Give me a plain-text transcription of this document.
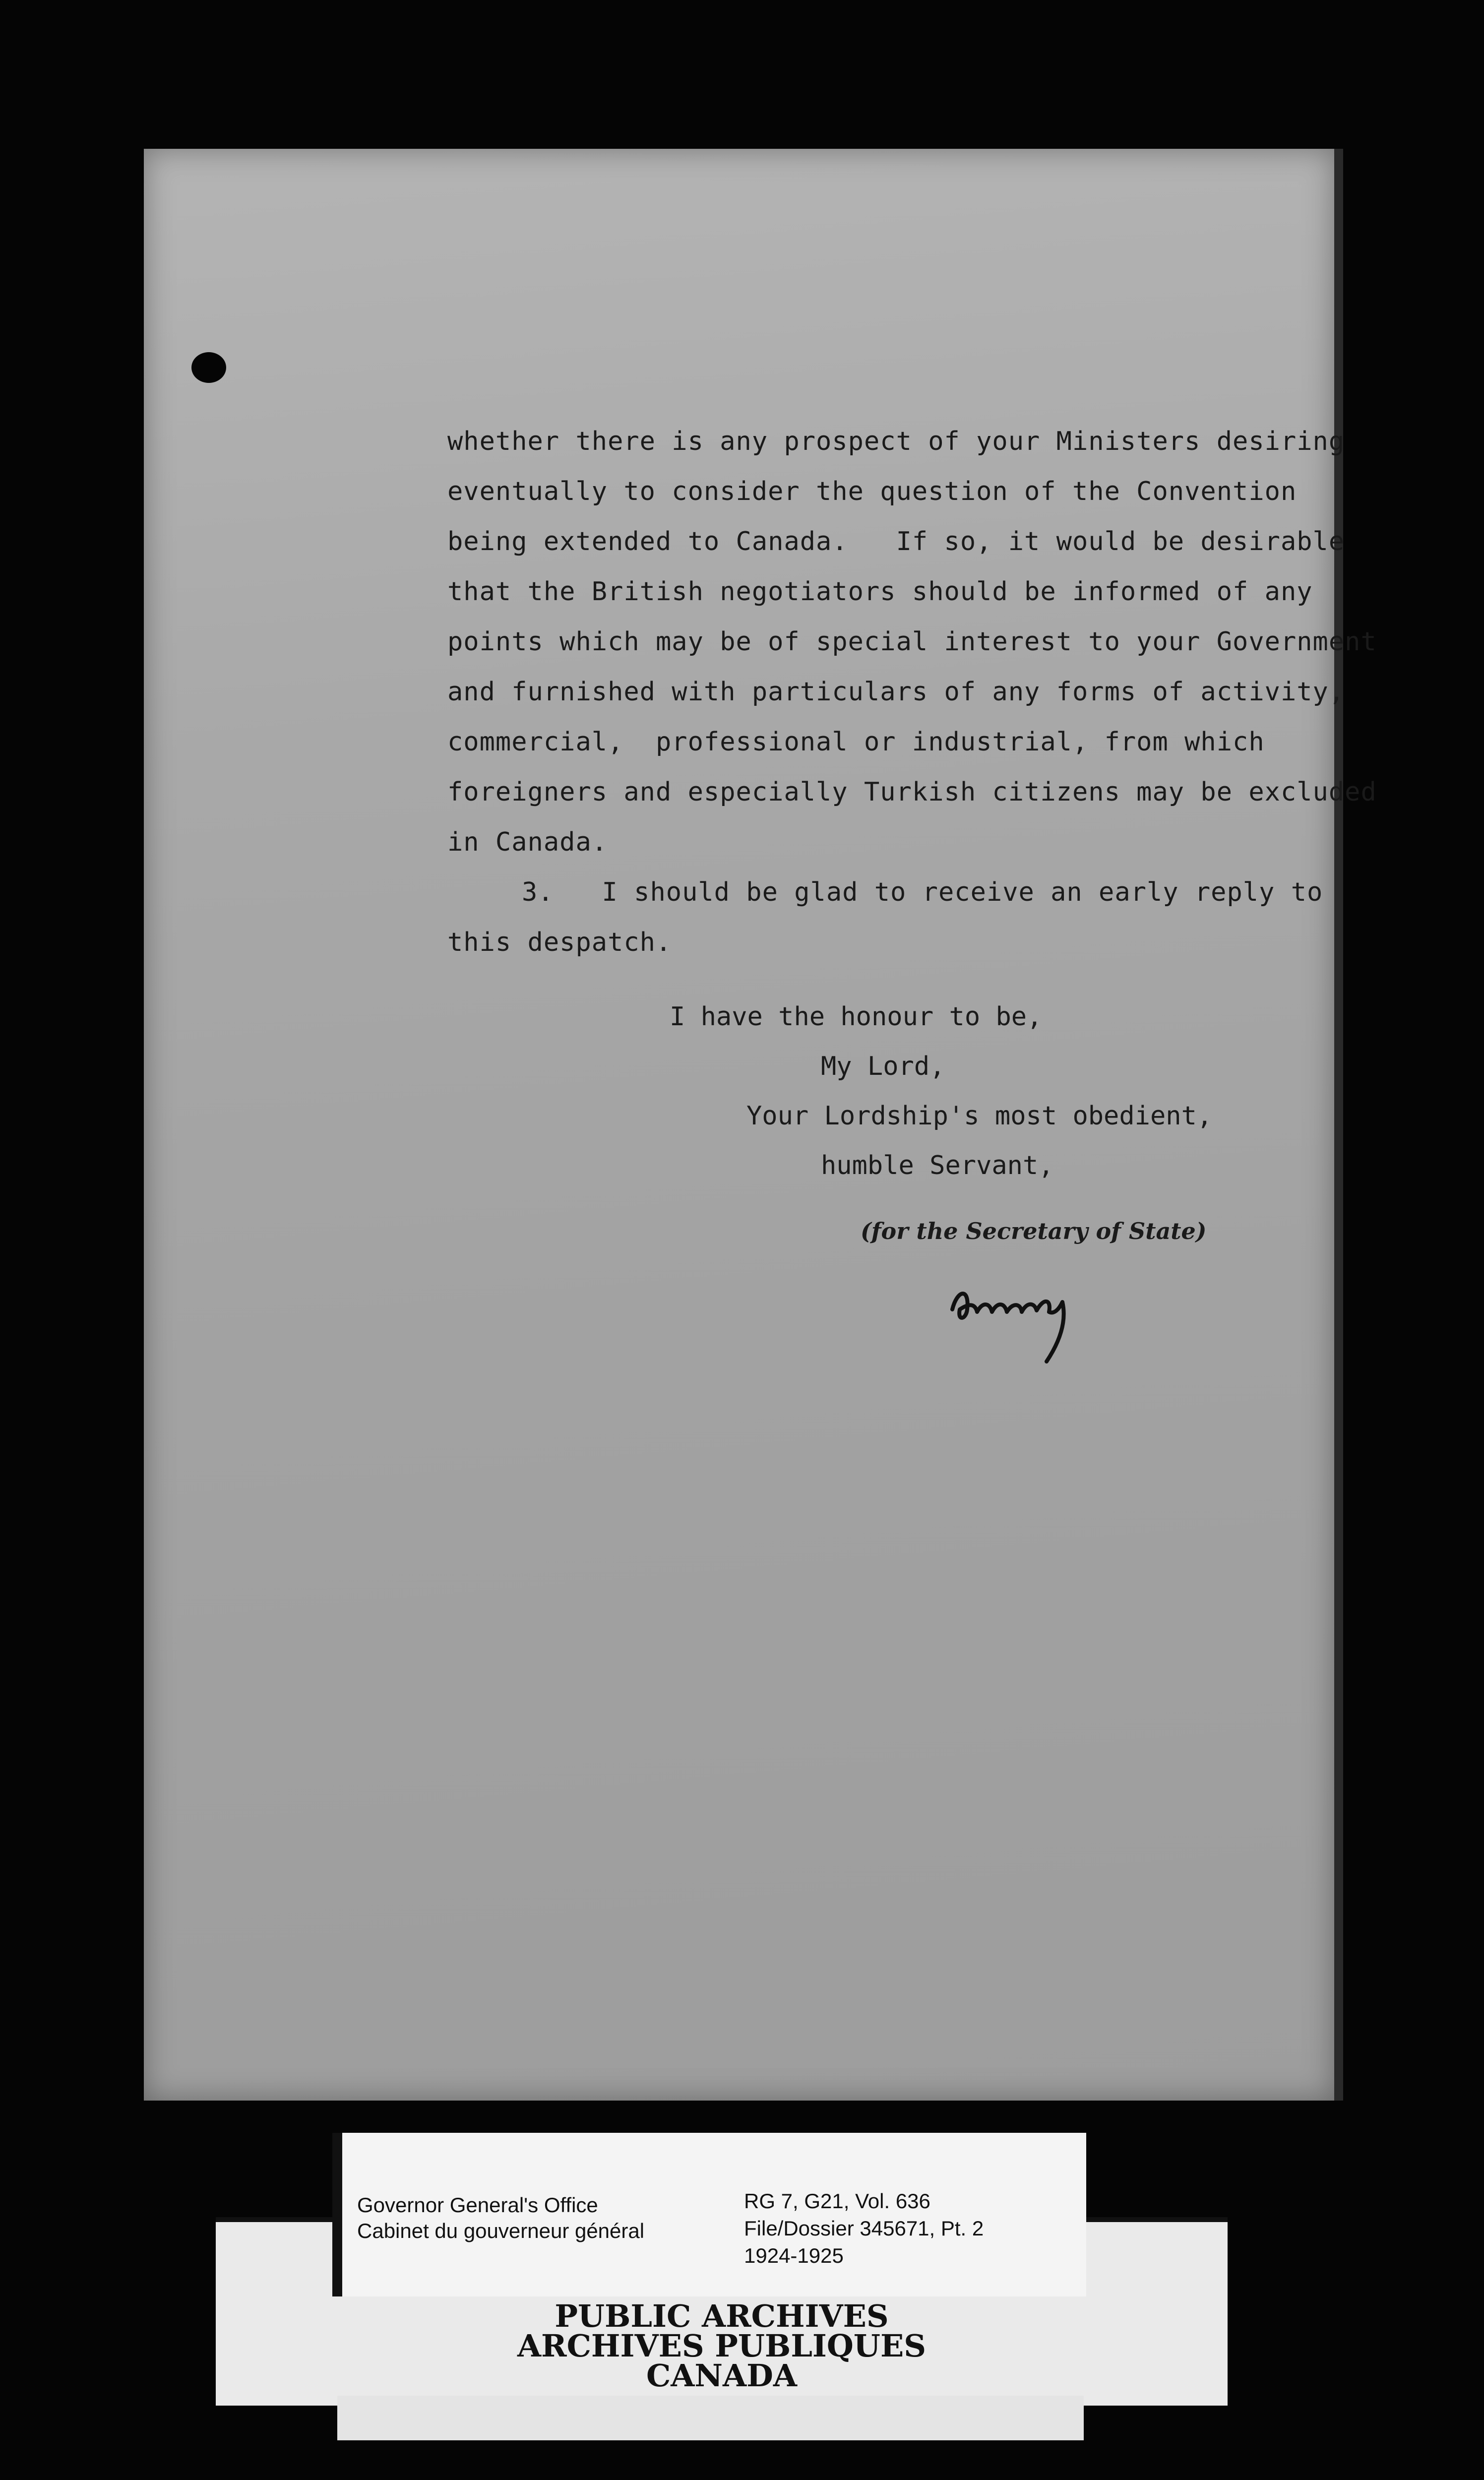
whether there is any prospect of your Ministers desiring
eventually to consider the question of the Convention
being extended to Canada.   If so, it would be desirable
that the British negotiators should be informed of any
points which may be of special interest to your Government
and furnished with particulars of any forms of activity,
commercial,  professional or industrial, from which
foreigners and especially Turkish citizens may be excluded
in Canada.
3.   I should be glad to receive an early reply to
this despatch.
I have the honour to be,
My Lord,
Your Lordship's most obedient,
humble Servant,
(for the Secretary of State)
PUBLIC ARCHIVES
ARCHIVES PUBLIQUES
CANADA
Governor General's Office
Cabinet du gouverneur général
RG 7, G21, Vol. 636
File/Dossier 345671, Pt. 2
1924-1925
